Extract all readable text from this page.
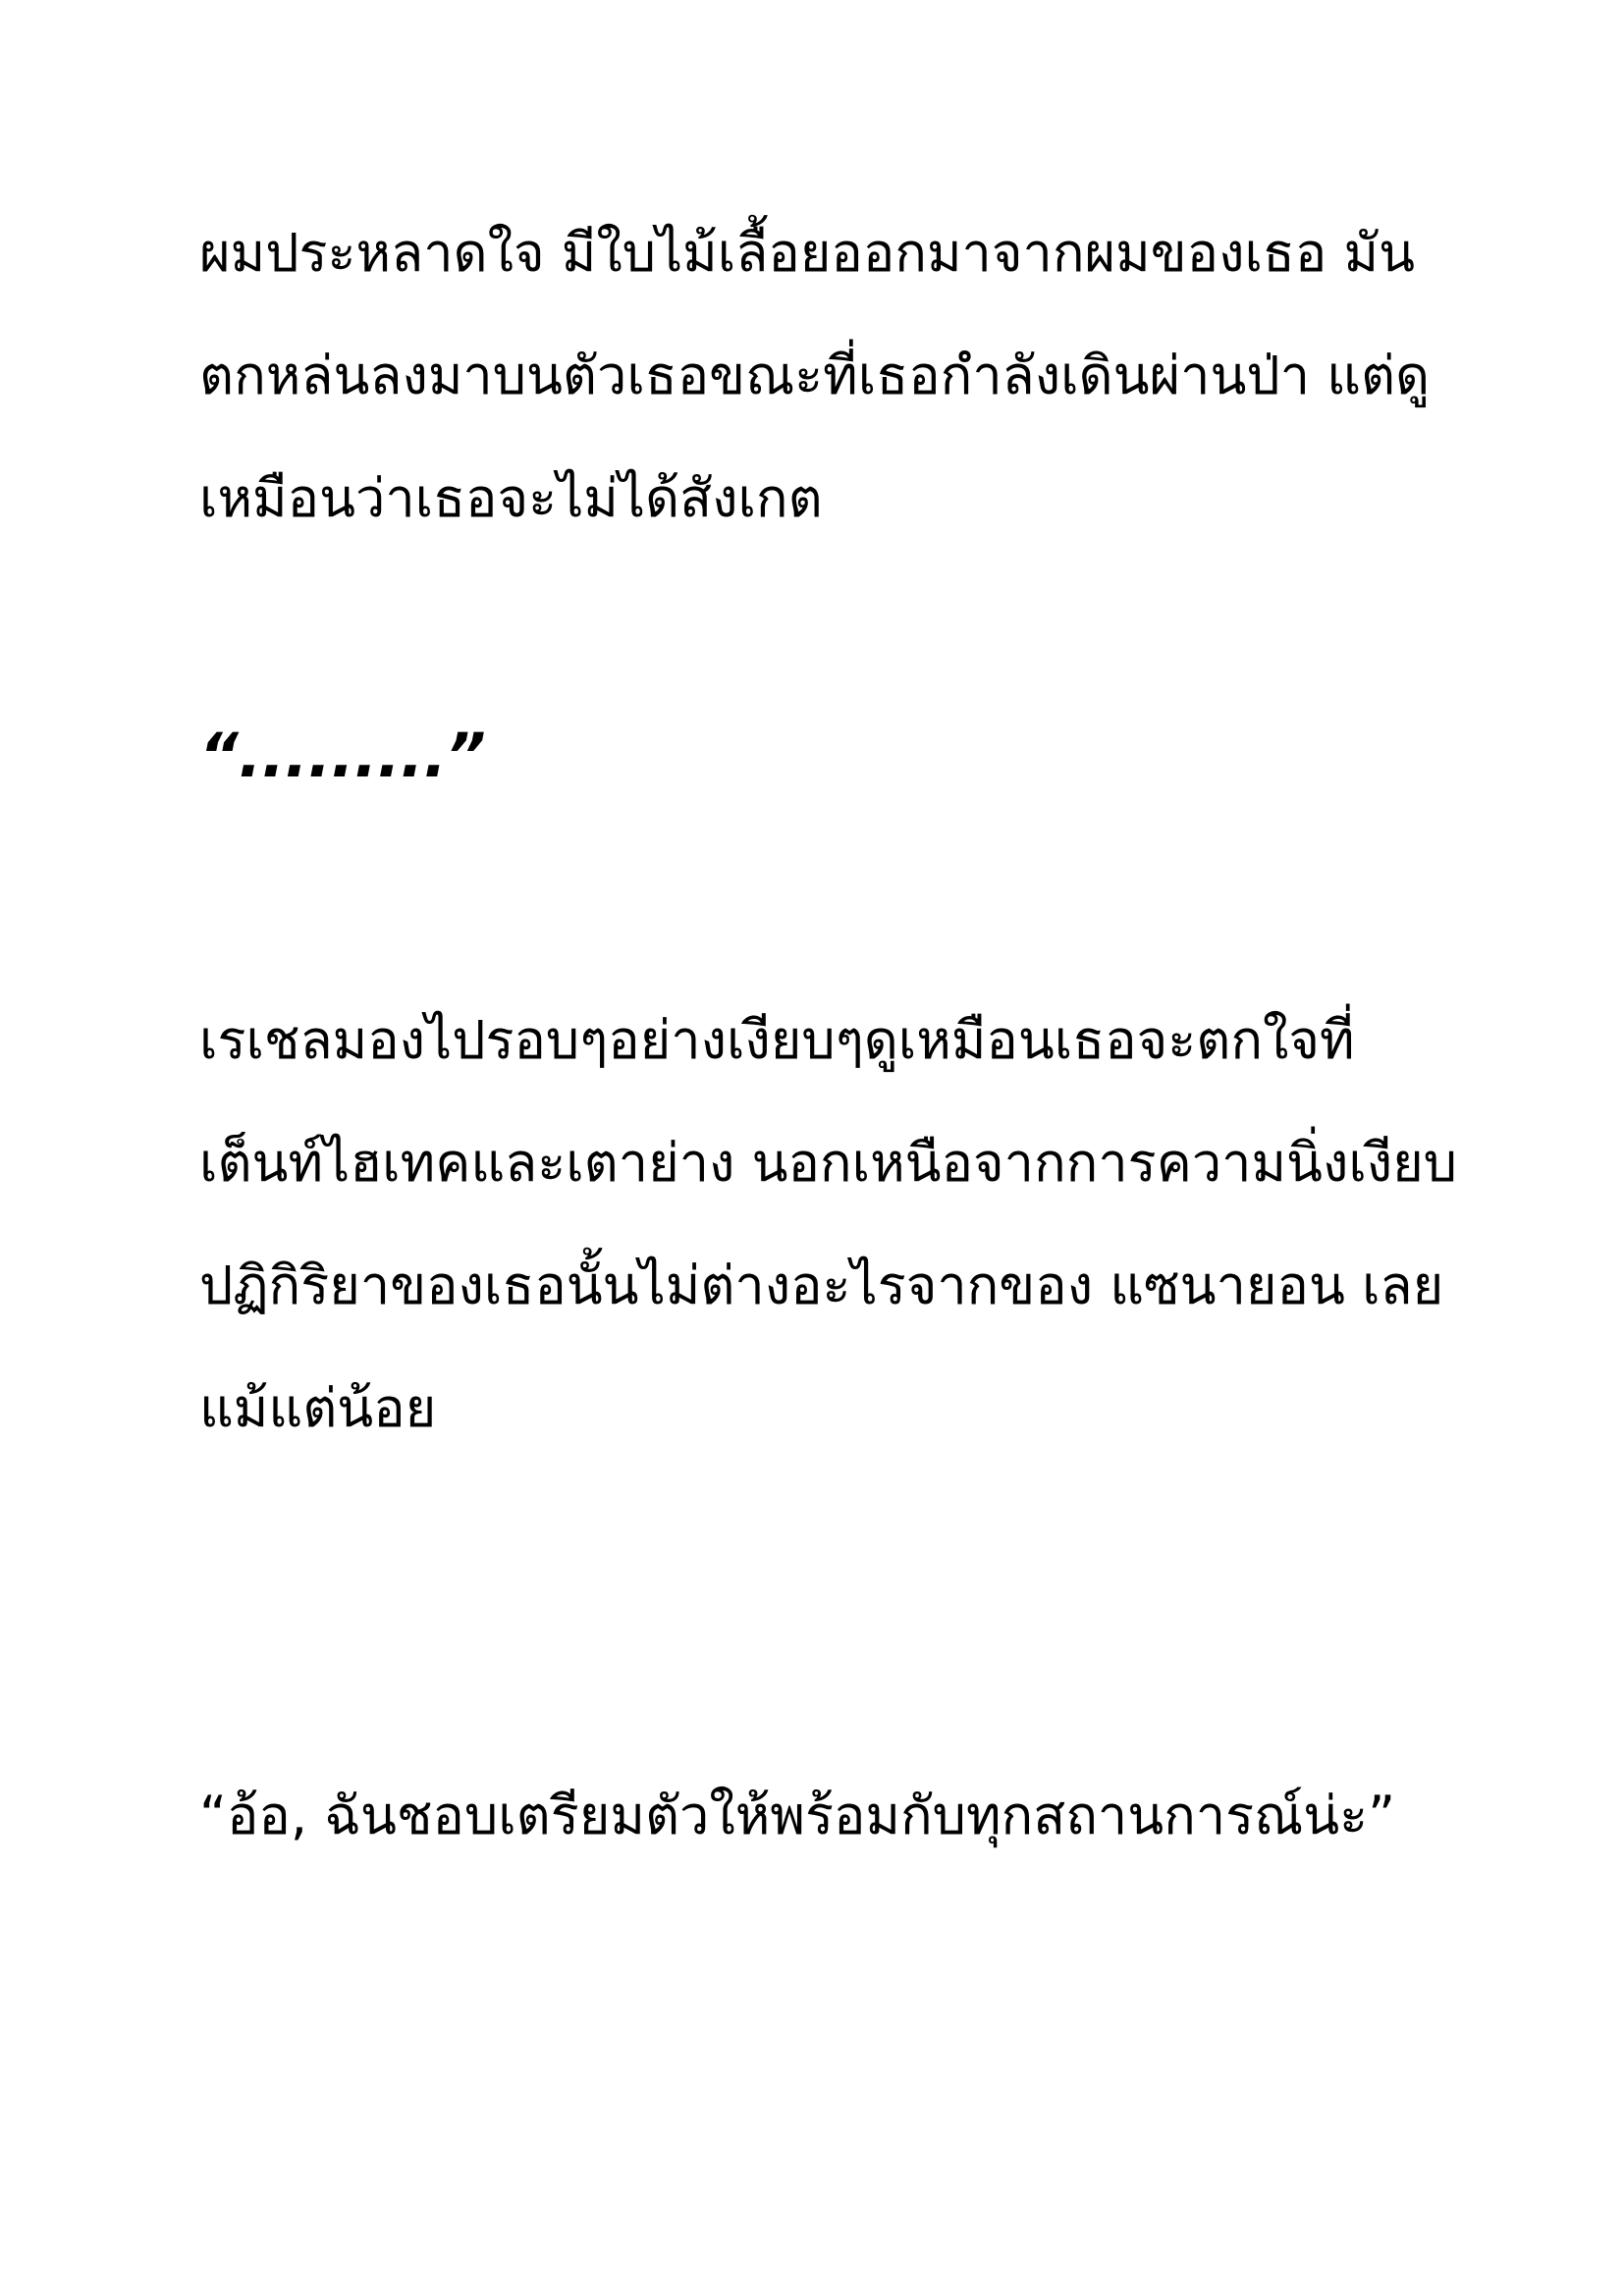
ผมประหลาดใจ มีใบไม้เลื้อยออกมาจากผมของเธอ มัน

ตกหล่นลงมาบนตัวเธอขณะที่เธอกำลังเดินผ่านป่า แต่ดู

เหมือนว่าเธอจะไม่ได้สังเกต

“.........”

เรเชลมองไปรอบๆอย่างเงียบๆดูเหมือนเธอจะตกใจที่

เต็นท์ไฮเทคและเตาย่าง นอกเหนือจากการความนิ่งเงียบ

ปฏิกิริยาของเธอนั้นไม่ต่างอะไรจากของ แซนายอน เลย

แม้แต่น้อย

“อ้อ, ฉันชอบเตรียมตัวให้พร้อมกับทุกสถานการณ์น่ะ”
